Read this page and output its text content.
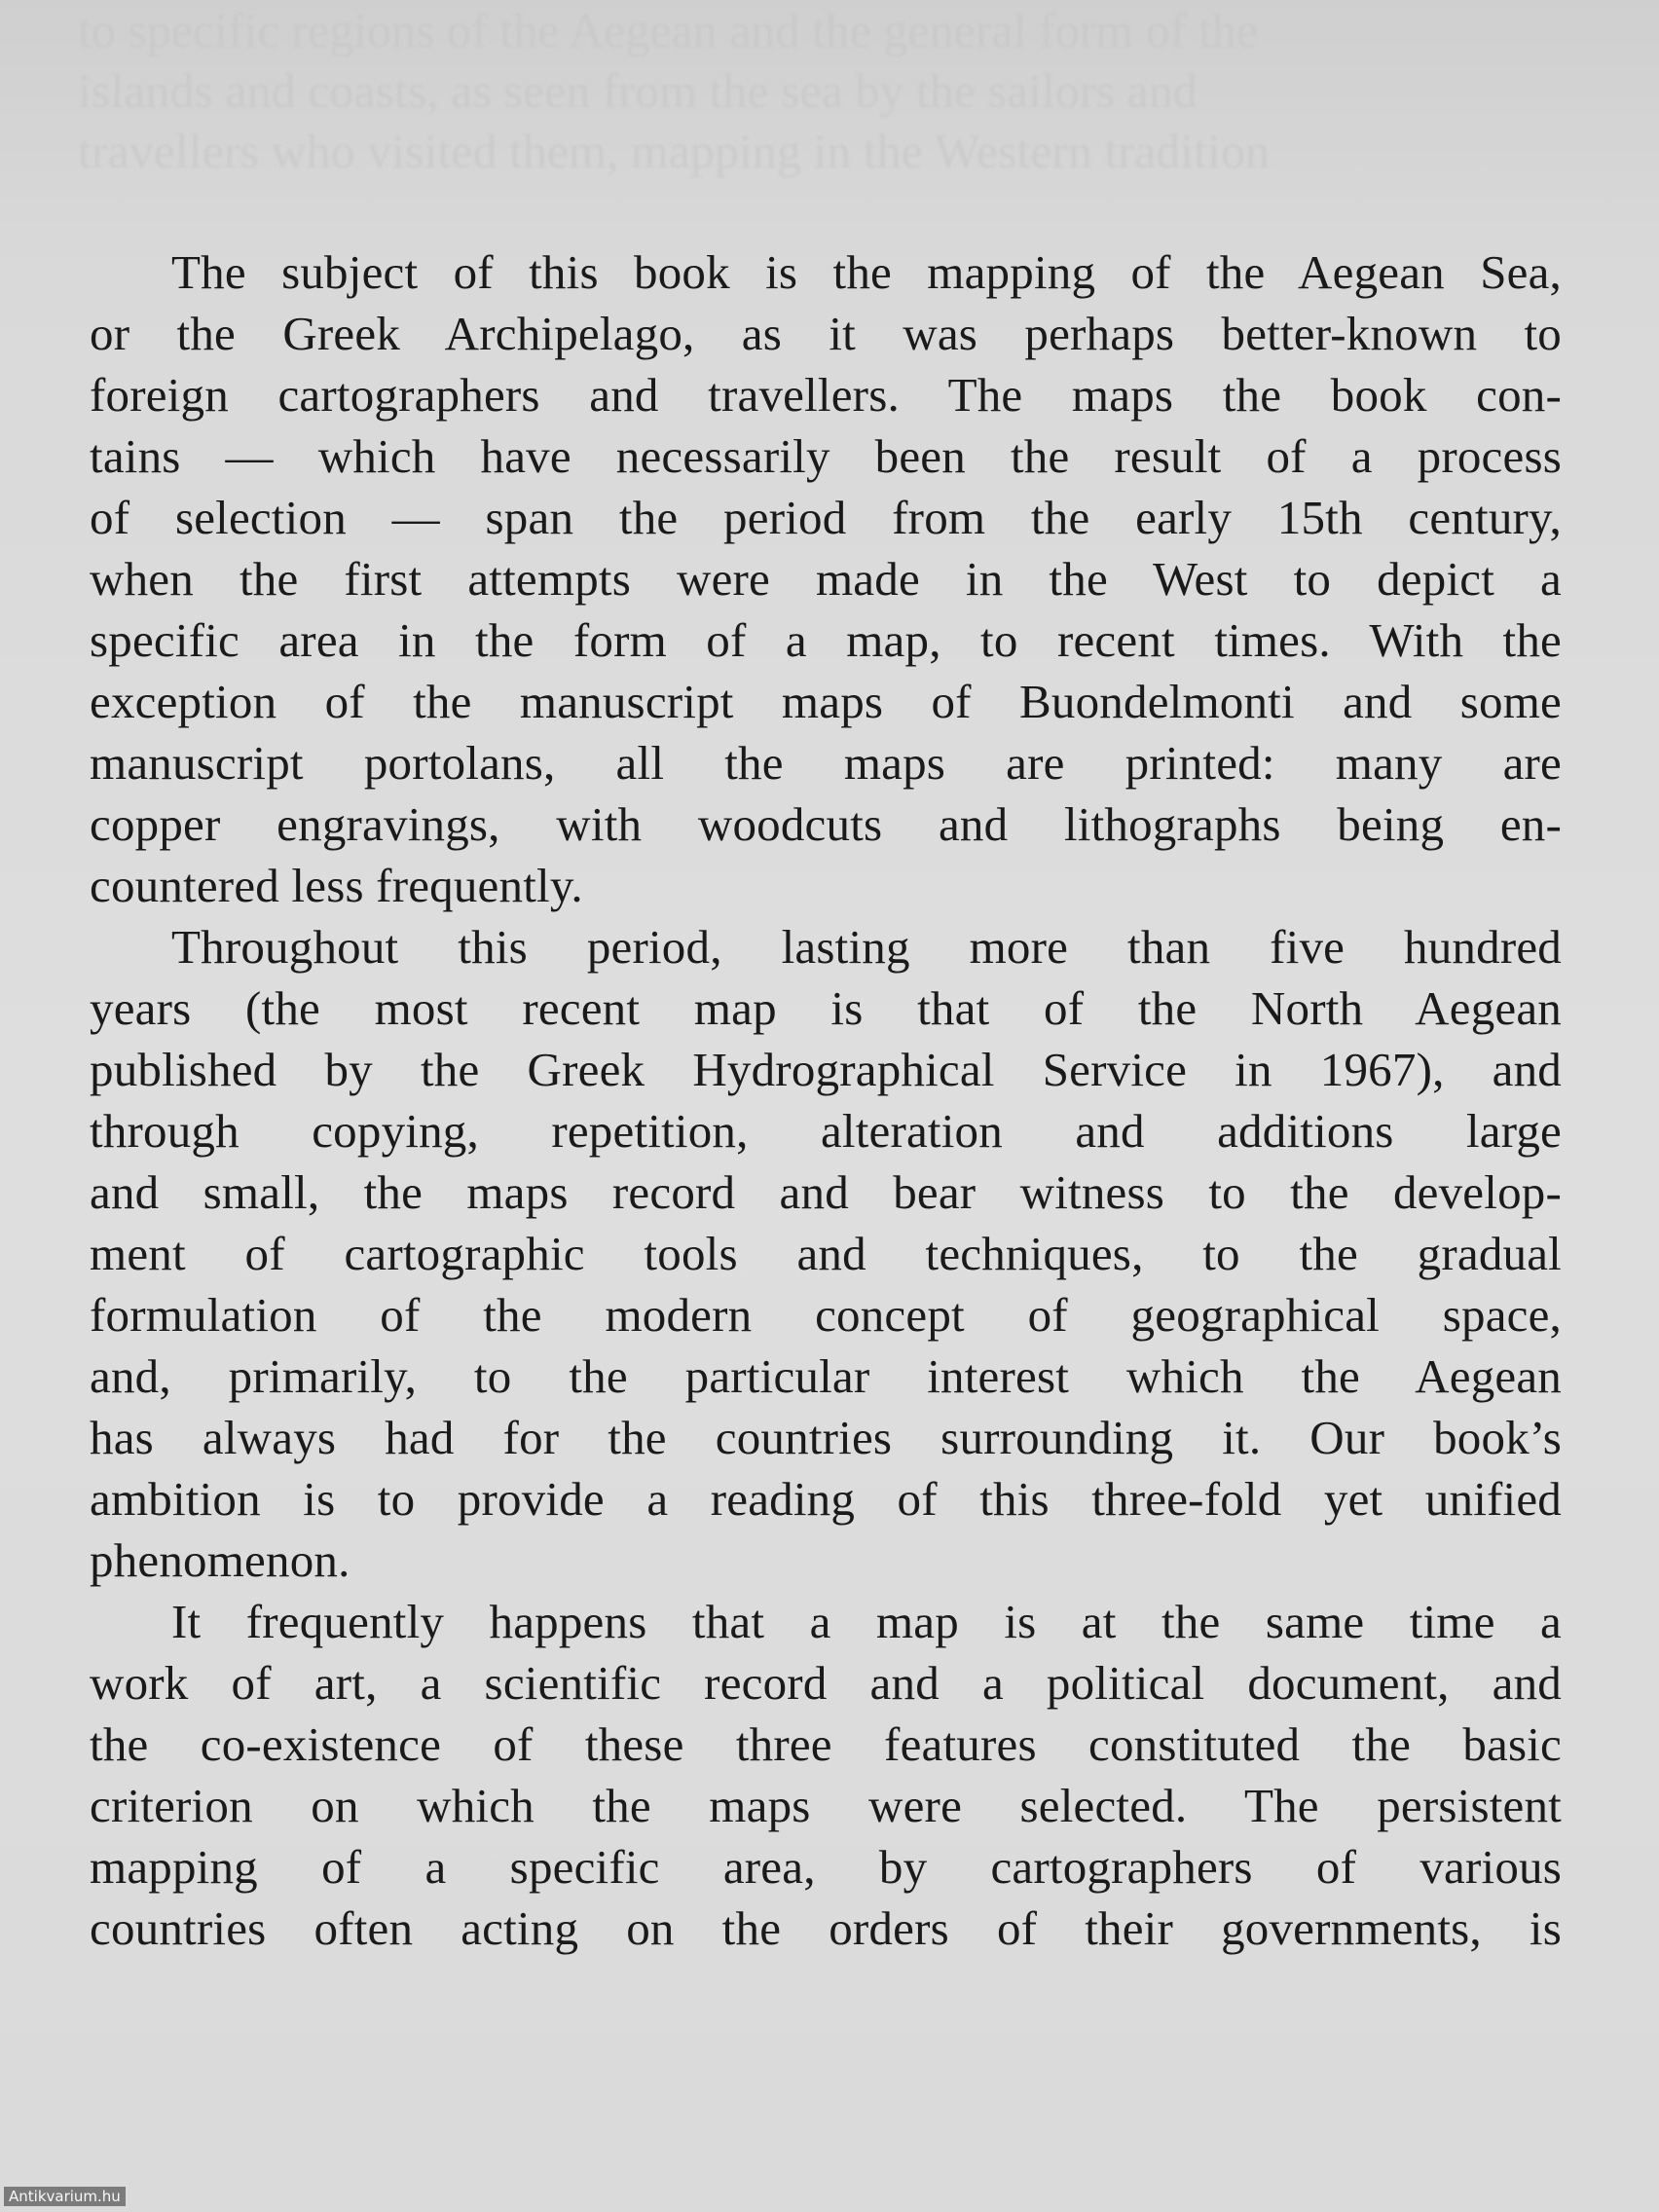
to specific regions of the Aegean and the general form of the
islands and coasts, as seen from the sea by the sailors and
travellers who visited them, mapping in the Western tradition
The subject of this book is the mapping of the Aegean Sea,
or the Greek Archipelago, as it was perhaps better-known to
foreign cartographers and travellers. The maps the book con-
tains — which have necessarily been the result of a process
of selection — span the period from the early 15th century,
when the first attempts were made in the West to depict a
specific area in the form of a map, to recent times. With the
exception of the manuscript maps of Buondelmonti and some
manuscript portolans, all the maps are printed: many are
copper engravings, with woodcuts and lithographs being en-
countered less frequently.
Throughout this period, lasting more than five hundred
years (the most recent map is that of the North Aegean
published by the Greek Hydrographical Service in 1967), and
through copying, repetition, alteration and additions large
and small, the maps record and bear witness to the develop-
ment of cartographic tools and techniques, to the gradual
formulation of the modern concept of geographical space,
and, primarily, to the particular interest which the Aegean
has always had for the countries surrounding it. Our book’s
ambition is to provide a reading of this three-fold yet unified
phenomenon.
It frequently happens that a map is at the same time a
work of art, a scientific record and a political document, and
the co-existence of these three features constituted the basic
criterion on which the maps were selected. The persistent
mapping of a specific area, by cartographers of various
countries often acting on the orders of their governments, is
Antikvarium.hu
